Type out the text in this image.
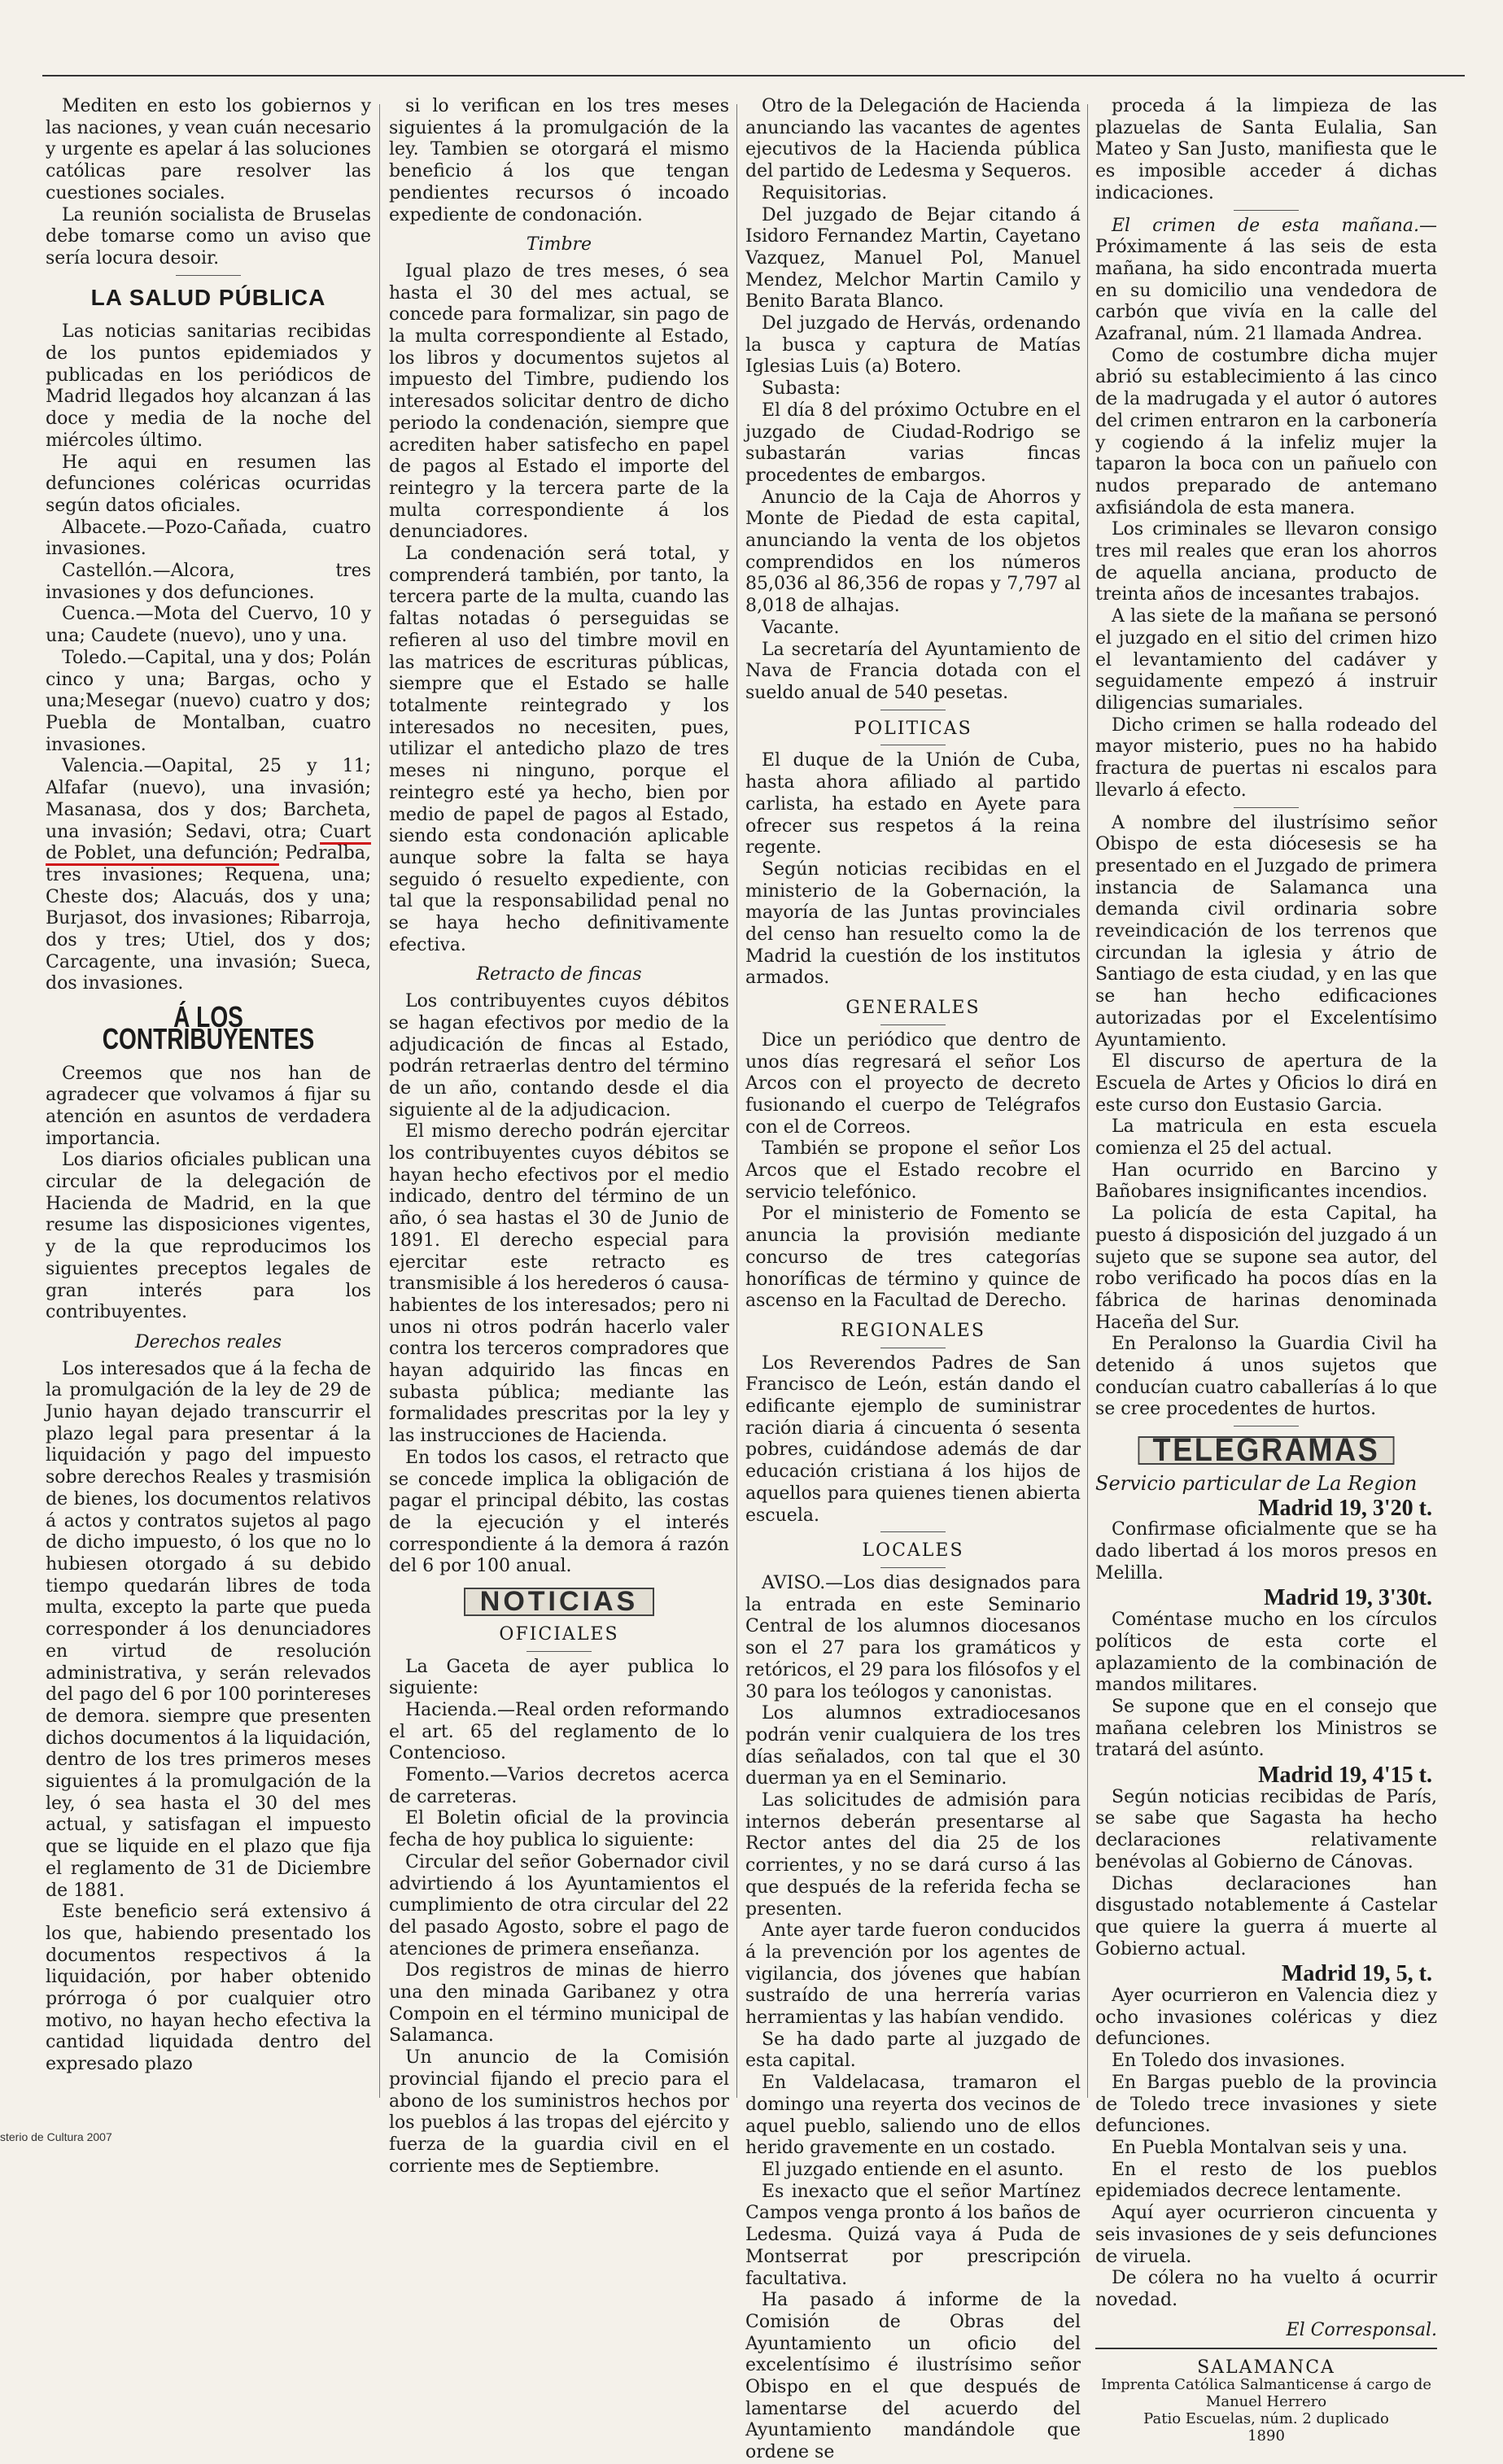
Mediten en esto los gobiernos y las naciones, y vean cuán necesario y urgente es apelar á las soluciones católicas pare resolver las cuestiones sociales.

La reunión socialista de Bruselas debe tomarse como un aviso que sería locura desoir.

LA SALUD PÚBLICA

Las noticias sanitarias recibidas de los puntos epidemiados y publicadas en los periódicos de Madrid llegados hoy alcanzan á las doce y media de la noche del miércoles último.

He aqui en resumen las defunciones coléricas ocurridas según datos oficiales.

Albacete.—Pozo-Cañada, cuatro invasiones.

Castellón.—Alcora, tres invasiones y dos defunciones.

Cuenca.—Mota del Cuervo, 10 y una; Caudete (nuevo), uno y una.

Toledo.—Capital, una y dos; Polán cinco y una; Bargas, ocho y una;Mesegar (nuevo) cuatro y dos; Puebla de Montalban, cuatro invasiones.

Valencia.—Oapital, 25 y 11; Alfafar (nuevo), una invasión; Masanasa, dos y dos; Barcheta, una invasión; Sedavi, otra; Cuart de Poblet, una defunción; Pedralba, tres invasiones; Requena, una; Cheste dos; Alacuás, dos y una; Burjasot, dos invasiones; Ribarroja, dos y tres; Utiel, dos y dos; Carcagente, una invasión; Sueca, dos invasiones.

Á LOS CONTRIBUYENTES

Creemos que nos han de agradecer que volvamos á fijar su atención en asuntos de verdadera importancia.

Los diarios oficiales publican una circular de la delegación de Hacienda de Madrid, en la que resume las disposiciones vigentes, y de la que reproducimos los siguientes preceptos legales de gran interés para los contribuyentes.

Derechos reales

Los interesados que á la fecha de la promulgación de la ley de 29 de Junio hayan dejado transcurrir el plazo legal para presentar á la liquidación y pago del impuesto sobre derechos Reales y trasmisión de bienes, los documentos relativos á actos y contratos sujetos al pago de dicho impuesto, ó los que no lo hubiesen otorgado á su debido tiempo quedarán libres de toda multa, excepto la parte que pueda corresponder á los denunciadores en virtud de resolución administrativa, y serán relevados del pago del 6 por 100 porintereses de demora. siempre que presenten dichos documentos á la liquidación, dentro de los tres primeros meses siguientes á la promulgación de la ley, ó sea hasta el 30 del mes actual, y satisfagan el impuesto que se liquide en el plazo que fija el reglamento de 31 de Diciembre de 1881.

Este beneficio será extensivo á los que, habiendo presentado los documentos respectivos á la liquidación, por haber obtenido prórroga ó por cualquier otro motivo, no hayan hecho efectiva la cantidad liquidada dentro del expresado plazo

si lo verifican en los tres meses siguientes á la promulgación de la ley. Tambien se otorgará el mismo beneficio á los que tengan pendientes recursos ó incoado expediente de condonación.

Timbre

Igual plazo de tres meses, ó sea hasta el 30 del mes actual, se concede para formalizar, sin pago de la multa correspondiente al Estado, los libros y documentos sujetos al impuesto del Timbre, pudiendo los interesados solicitar dentro de dicho periodo la condenación, siempre que acrediten haber satisfecho en papel de pagos al Estado el importe del reintegro y la tercera parte de la multa correspondiente á los denunciadores.

La condenación será total, y comprenderá también, por tanto, la tercera parte de la multa, cuando las faltas notadas ó perseguidas se refieren al uso del timbre movil en las matrices de escrituras públicas, siempre que el Estado se halle totalmente reintegrado y los interesados no necesiten, pues, utilizar el antedicho plazo de tres meses ni ninguno, porque el reintegro esté ya hecho, bien por medio de papel de pagos al Estado, siendo esta condonación aplicable aunque sobre la falta se haya seguido ó resuelto expediente, con tal que la responsabilidad penal no se haya hecho definitivamente efectiva.

Retracto de fincas

Los contribuyentes cuyos débitos se hagan efectivos por medio de la adjudicación de fincas al Estado, podrán retraerlas dentro del término de un año, contando desde el dia siguiente al de la adjudicacion.

El mismo derecho podrán ejercitar los contribuyentes cuyos débitos se hayan hecho efectivos por el medio indicado, dentro del término de un año, ó sea hastas el 30 de Junio de 1891. El derecho especial para ejercitar este retracto es transmisible á los herederos ó causa-habientes de los interesados; pero ni unos ni otros podrán hacerlo valer contra los terceros compradores que hayan adquirido las fincas en subasta pública; mediante las formalidades prescritas por la ley y las instrucciones de Hacienda.

En todos los casos, el retracto que se concede implica la obligación de pagar el principal débito, las costas de la ejecución y el interés correspondiente á la demora á razón del 6 por 100 anual.

NOTICIAS
OFICIALES

La Gaceta de ayer publica lo siguiente:

Hacienda.—Real orden reformando el art. 65 del reglamento de lo Contencioso.

Fomento.—Varios decretos acerca de carreteras.

El Boletin oficial de la provincia fecha de hoy publica lo siguiente:

Circular del señor Gobernador civil advirtiendo á los Ayuntamientos el cumplimiento de otra circular del 22 del pasado Agosto, sobre el pago de atenciones de primera enseñanza.

Dos registros de minas de hierro una den minada Garibanez y otra Compoin en el término municipal de Salamanca.

Un anuncio de la Comisión provincial fijando el precio para el abono de los suministros hechos por los pueblos á las tropas del ejército y fuerza de la guardia civil en el corriente mes de Septiembre.

Otro de la Delegación de Hacienda anunciando las vacantes de agentes ejecutivos de la Hacienda pública del partido de Ledesma y Sequeros.

Requisitorias.

Del juzgado de Bejar citando á Isidoro Fernandez Martin, Cayetano Vazquez, Manuel Pol, Manuel Mendez, Melchor Martin Camilo y Benito Barata Blanco.

Del juzgado de Hervás, ordenando la busca y captura de Matías Iglesias Luis (a) Botero.

Subasta:

El día 8 del próximo Octubre en el juzgado de Ciudad-Rodrigo se subastarán varias fincas procedentes de embargos.

Anuncio de la Caja de Ahorros y Monte de Piedad de esta capital, anunciando la venta de los objetos comprendidos en los números 85,036 al 86,356 de ropas y 7,797 al 8,018 de alhajas.

Vacante.

La secretaría del Ayuntamiento de Nava de Francia dotada con el sueldo anual de 540 pesetas.

POLITICAS

El duque de la Unión de Cuba, hasta ahora afiliado al partido carlista, ha estado en Ayete para ofrecer sus respetos á la reina regente.

Según noticias recibidas en el ministerio de la Gobernación, la mayoría de las Juntas provinciales del censo han resuelto como la de Madrid la cuestión de los institutos armados.

GENERALES

Dice un periódico que dentro de unos días regresará el señor Los Arcos con el proyecto de decreto fusionando el cuerpo de Telégrafos con el de Correos.

También se propone el señor Los Arcos que el Estado recobre el servicio telefónico.

Por el ministerio de Fomento se anuncia la provisión mediante concurso de tres categorías honoríficas de término y quince de ascenso en la Facultad de Derecho.

REGIONALES

Los Reverendos Padres de San Francisco de León, están dando el edificante ejemplo de suministrar ración diaria á cincuenta ó sesenta pobres, cuidándose además de dar educación cristiana á los hijos de aquellos para quienes tienen abierta escuela.

LOCALES

AVISO.—Los dias designados para la entrada en este Seminario Central de los alumnos diocesanos son el 27 para los gramáticos y retóricos, el 29 para los filósofos y el 30 para los teólogos y canonistas.

Los alumnos extradiocesanos podrán venir cualquiera de los tres días señalados, con tal que el 30 duerman ya en el Seminario.

Las solicitudes de admisión para internos deberán presentarse al Rector antes del dia 25 de los corrientes, y no se dará curso á las que después de la referida fecha se presenten.

Ante ayer tarde fueron conducidos á la prevención por los agentes de vigilancia, dos jóvenes que habían sustraído de una herrería varias herramientas y las habían vendido.

Se ha dado parte al juzgado de esta capital.

En Valdelacasa, tramaron el domingo una reyerta dos vecinos de aquel pueblo, saliendo uno de ellos herido gravemente en un costado.

El juzgado entiende en el asunto.

Es inexacto que el señor Martínez Campos venga pronto á los baños de Ledesma. Quizá vaya á Puda de Montserrat por prescripción facultativa.

Ha pasado á informe de la Comisión de Obras del Ayuntamiento un oficio del excelentísimo é ilustrísimo señor Obispo en el que después de lamentarse del acuerdo del Ayuntamiento mandándole que ordene se

proceda á la limpieza de las plazuelas de Santa Eulalia, San Mateo y San Justo, manifiesta que le es imposible acceder á dichas indicaciones.

El crimen de esta mañana.—Próximamente á las seis de esta mañana, ha sido encontrada muerta en su domicilio una vendedora de carbón que vivía en la calle del Azafranal, núm. 21 llamada Andrea.

Como de costumbre dicha mujer abrió su establecimiento á las cinco de la madrugada y el autor ó autores del crimen entraron en la carbonería y cogiendo á la infeliz mujer la taparon la boca con un pañuelo con nudos preparado de antemano axfisiándola de esta manera.

Los criminales se llevaron consigo tres mil reales que eran los ahorros de aquella anciana, producto de treinta años de incesantes trabajos.

A las siete de la mañana se personó el juzgado en el sitio del crimen hizo el levantamiento del cadáver y seguidamente empezó á instruir diligencias sumariales.

Dicho crimen se halla rodeado del mayor misterio, pues no ha habido fractura de puertas ni escalos para llevarlo á efecto.

A nombre del ilustrísimo señor Obispo de esta diócesesis se ha presentado en el Juzgado de primera instancia de Salamanca una demanda civil ordinaria sobre reveindicación de los terrenos que circundan la iglesia y átrio de Santiago de esta ciudad, y en las que se han hecho edificaciones autorizadas por el Excelentísimo Ayuntamiento.

El discurso de apertura de la Escuela de Artes y Oficios lo dirá en este curso don Eustasio Garcia.

La matricula en esta escuela comienza el 25 del actual.

Han ocurrido en Barcino y Bañobares insignificantes incendios.

La policía de esta Capital, ha puesto á disposición del juzgado á un sujeto que se supone sea autor, del robo verificado ha pocos días en la fábrica de harinas denominada Haceña del Sur.

En Peralonso la Guardia Civil ha detenido á unos sujetos que conducían cuatro caballerías á lo que se cree procedentes de hurtos.

TELEGRAMAS
Servicio particular de La Region
Madrid 19, 3'20 t.

Confirmase oficialmente que se ha dado libertad á los moros presos en Melilla.

Madrid 19, 3'30t.

Coméntase mucho en los círculos políticos de esta corte el aplazamiento de la combinación de mandos militares.

Se supone que en el consejo que mañana celebren los Ministros se tratará del asúnto.

Madrid 19, 4'15 t.

Según noticias recibidas de París, se sabe que Sagasta ha hecho declaraciones relativamente benévolas al Gobierno de Cánovas.

Dichas declaraciones han disgustado notablemente á Castelar que quiere la guerra á muerte al Gobierno actual.

Madrid 19, 5, t.

Ayer ocurrieron en Valencia diez y ocho invasiones coléricas y diez defunciones.

En Toledo dos invasiones.

En Bargas pueblo de la provincia de Toledo trece invasiones y siete defunciones.

En Puebla Montalvan seis y una.

En el resto de los pueblos epidemiados decrece lentamente.

Aquí ayer ocurrieron cincuenta y seis invasiones de y seis defunciones de viruela.

De cólera no ha vuelto á ocurrir novedad.

El Corresponsal.
SALAMANCA
Imprenta Católica Salmanticense á cargo de Manuel Herrero
Patio Escuelas, núm. 2 duplicado
1890
sterio de Cultura 2007
